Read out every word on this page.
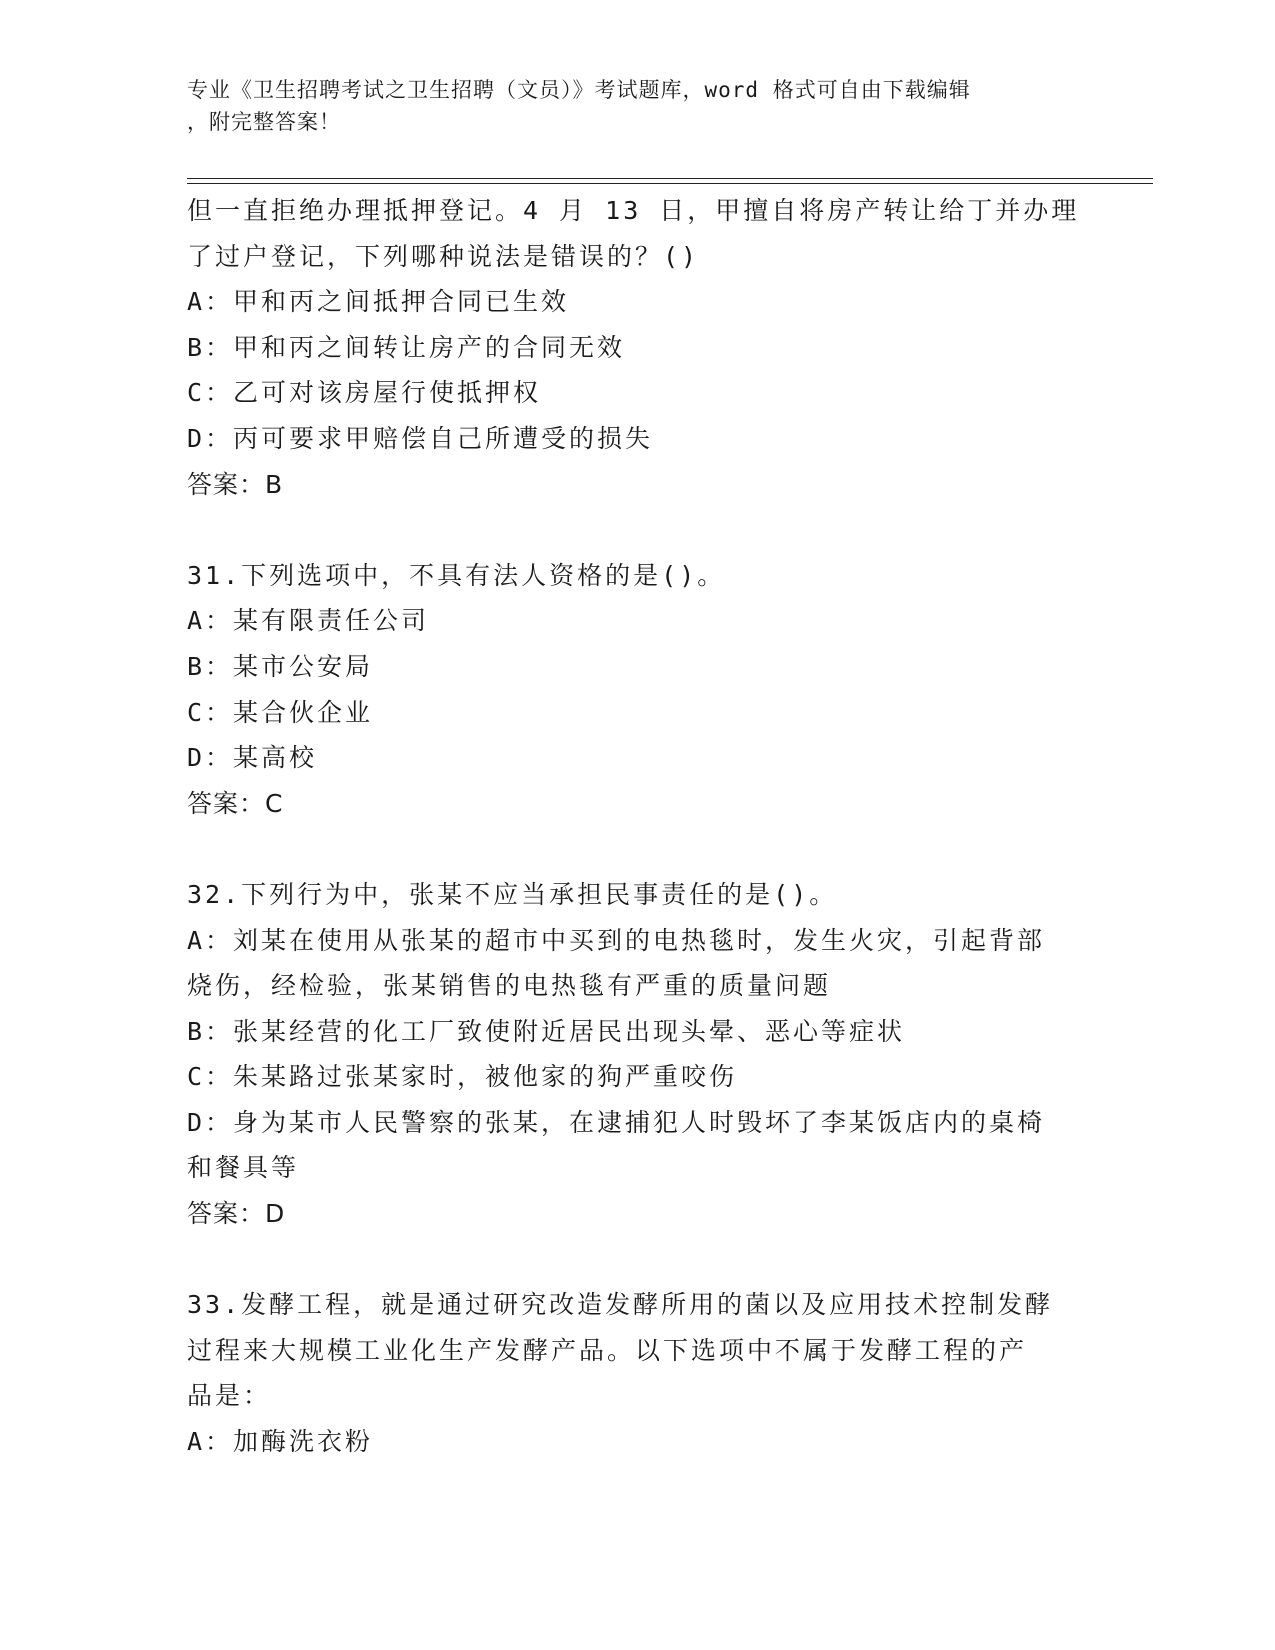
专业《卫生招聘考试之卫生招聘（文员）》考试题库，word 格式可自由下载编辑
，附完整答案！
但一直拒绝办理抵押登记。4 月 13 日，甲擅自将房产转让给丁并办理
了过户登记，下列哪种说法是错误的？()
A：甲和丙之间抵押合同已生效
B：甲和丙之间转让房产的合同无效
C：乙可对该房屋行使抵押权
D：丙可要求甲赔偿自己所遭受的损失
答案：B
31.下列选项中，不具有法人资格的是()。
A：某有限责任公司
B：某市公安局
C：某合伙企业
D：某高校
答案：C
32.下列行为中，张某不应当承担民事责任的是()。
A：刘某在使用从张某的超市中买到的电热毯时，发生火灾，引起背部
烧伤，经检验，张某销售的电热毯有严重的质量问题
B：张某经营的化工厂致使附近居民出现头晕、恶心等症状
C：朱某路过张某家时，被他家的狗严重咬伤
D：身为某市人民警察的张某，在逮捕犯人时毁坏了李某饭店内的桌椅
和餐具等
答案：D
33.发酵工程，就是通过研究改造发酵所用的菌以及应用技术控制发酵
过程来大规模工业化生产发酵产品。以下选项中不属于发酵工程的产
品是：
A：加酶洗衣粉
